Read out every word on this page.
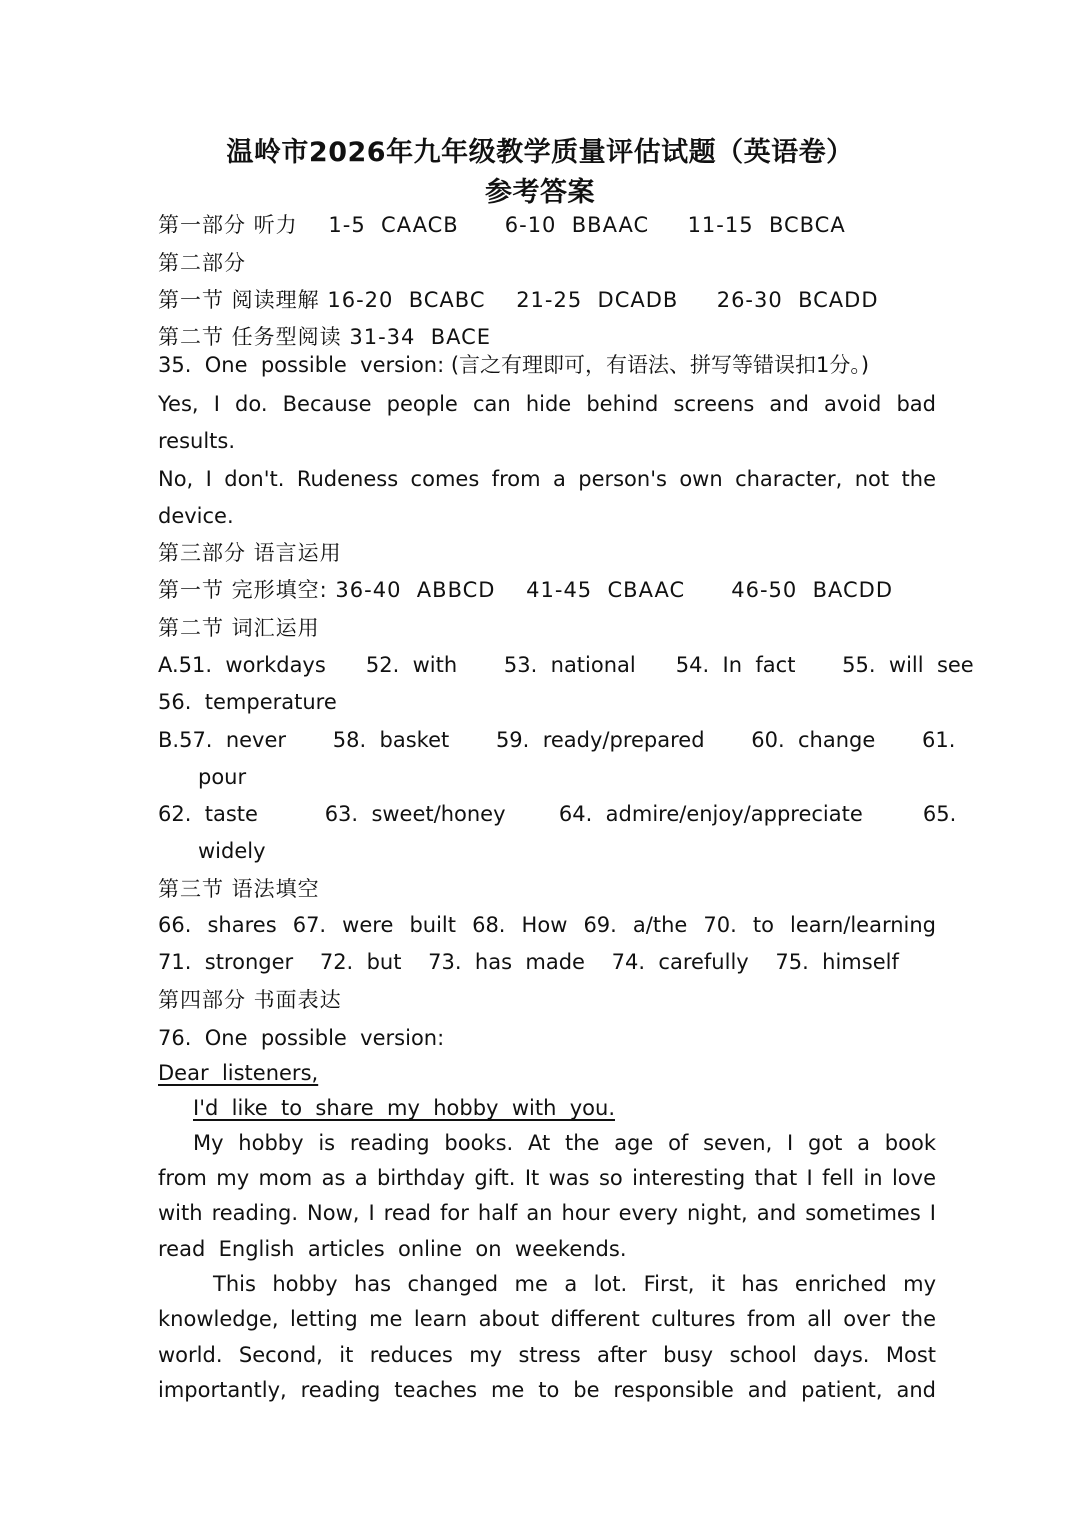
温岭市2026年九年级教学质量评估试题（英语卷）
参考答案
第一部分 听力    1-5  CAACB      6-10  BBAAC     11-15  BCBCA
第二部分
第一节 阅读理解 16-20  BCABC    21-25  DCADB     26-30  BCADD
第二节 任务型阅读 31-34  BACE
35.  One  possible  version: (言之有理即可，有语法、拼写等错误扣1分。)
Yes, I do. Because people can hide behind screens and avoid bad
results.
No, I don't. Rudeness comes from a person's own character, not the
device.
第三部分 语言运用
第一节 完形填空: 36-40  ABBCD    41-45  CBAAC      46-50  BACDD
第二节 词汇运用
A.51.  workdays      52.  with       53.  national      54.  In  fact       55.  will  see
56.  temperature
B.57.  never       58.  basket       59.  ready/prepared       60.  change       61.
pour
62.  taste          63.  sweet/honey        64.  admire/enjoy/appreciate         65.
widely
第三节 语法填空
66. shares 67. were built 68. How 69. a/the 70. to learn/learning
71.  stronger    72.  but    73.  has  made    74.  carefully    75.  himself
第四部分 书面表达
76.  One  possible  version:
Dear  listeners,
I'd  like  to  share  my  hobby  with  you.
My hobby is reading books. At the age of seven, I got a book
from my mom as a birthday gift. It was so interesting that I fell in love
with reading. Now, I read for half an hour every night, and sometimes I
read  English  articles  online  on  weekends.
This hobby has changed me a lot. First, it has enriched my
knowledge, letting me learn about different cultures from all over the
world. Second, it reduces my stress after busy school days. Most
importantly, reading teaches me to be responsible and patient, and
